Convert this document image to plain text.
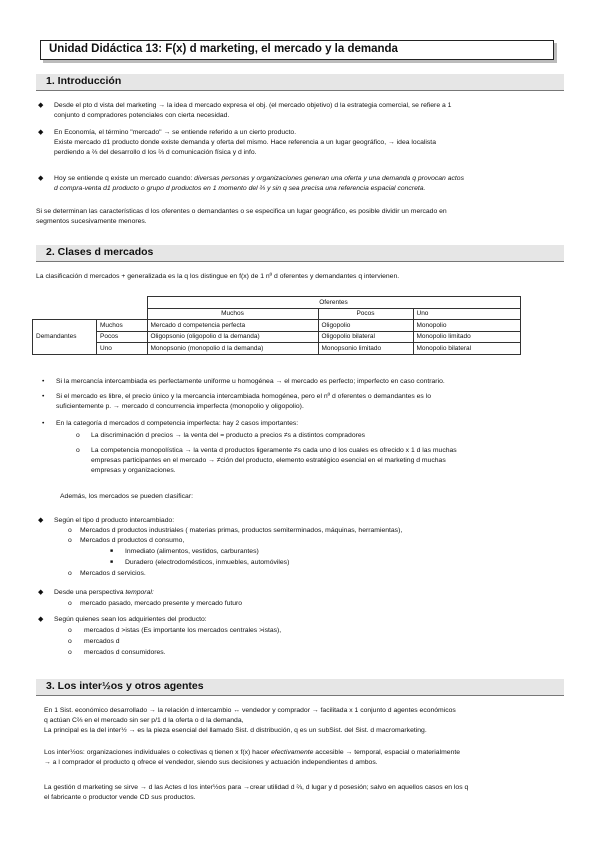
Unidad Didáctica 13: F(x) d marketing, el mercado y la demanda
1. Introducción
◆ Desde el pto d vista del marketing → la idea d mercado expresa el obj. (el mercado objetivo) d la estrategia comercial, se refiere a 1
conjunto d compradores potenciales con cierta necesidad.
◆ En Economía, el término "mercado" → se entiende referido a un cierto producto.
Existe mercado d1 producto donde existe demanda y oferta del mismo. Hace referencia a un lugar geográfico, → idea localista
perdiendo a ⅔ del desarrollo d los ⅔ d comunicación física y d info.
◆ Hoy se entiende q existe un mercado cuando: diversas personas y organizaciones generan una oferta y una demanda q provocan actos
d compra-venta d1 producto o grupo d productos en 1 momento del ⅔ y sin q sea precisa una referencia espacial concreta.
Si se determinan las características d los oferentes o demandantes o se especifica un lugar geográfico, es posible dividir un mercado en
segmentos sucesivamente menores.
2. Clases d mercados
La clasificación d mercados + generalizada es la q los distingue en f(x) de 1 nº d oferentes y demandantes q intervienen.
		Oferentes		
		Muchos	Pocos	Uno
Demandantes	Muchos	Mercado d competencia perfecta	Oligopolio	Monopolio
	Pocos	Oligopsonio (oligopolio d la demanda)	Oligopolio bilateral	Monopolio limitado
	Uno	Monopsonio (monopolio d la demanda)	Monopsonio limitado	Monopolio bilateral
• Si la mercancía intercambiada es perfectamente uniforme u homogénea → el mercado es perfecto; imperfecto en caso contrario.
• Si el mercado es libre, el precio único y la mercancía intercambiada homogénea, pero el nº d oferentes o demandantes es lo
suficientemente p. → mercado d concurrencia imperfecta (monopolio y oligopolio).
• En la categoría d mercados d competencia imperfecta: hay 2 casos importantes:
o La discriminación d precios → la venta del = producto a precios ≠s a distintos compradores
o La competencia monopolística → la venta d productos ligeramente ≠s cada uno d los cuales es ofrecido x 1 d las muchas
empresas participantes en el mercado → ≠ción del producto, elemento estratégico esencial en el marketing d muchas
empresas y organizaciones.
Además, los mercados se pueden clasificar:
◆ Según el tipo d producto intercambiado:
o Mercados d productos industriales ( materias primas, productos semiterminados, máquinas, herramientas),
o Mercados d productos d consumo,
■ Inmediato (alimentos, vestidos, carburantes)
■ Duradero (electrodomésticos, inmuebles, automóviles)
o Mercados d servicios.
◆ Desde una perspectiva temporal:
o mercado pasado, mercado presente y mercado futuro
◆ Según quienes sean los adquirientes del producto:
o mercados d >istas (Es importante los mercados centrales >istas),
o mercados d
o mercados d consumidores.
3. Los inter½os y otros agentes
En 1 Sist. económico desarrollado → la relación d intercambio ↔ vendedor y comprador → facilitada x 1 conjunto d agentes económicos
q actúan C⅔ en el mercado sin ser p/1 d la oferta o d la demanda,
La principal es la del inter½ → es la pieza esencial del llamado Sist. d distribución, q es un subSist. del Sist. d macromarketing.
Los inter½os: organizaciones individuales o colectivas q tienen x f(x) hacer efectivamente accesible → temporal, espacial o materialmente
→ a l comprador el producto q ofrece el vendedor, siendo sus decisiones y actuación independientes d ambos.
La gestión d marketing se sirve → d las Actes d los inter½os para →crear utilidad d ⅔, d lugar y d posesión; salvo en aquellos casos en los q
el fabricante o productor vende CD sus productos.
